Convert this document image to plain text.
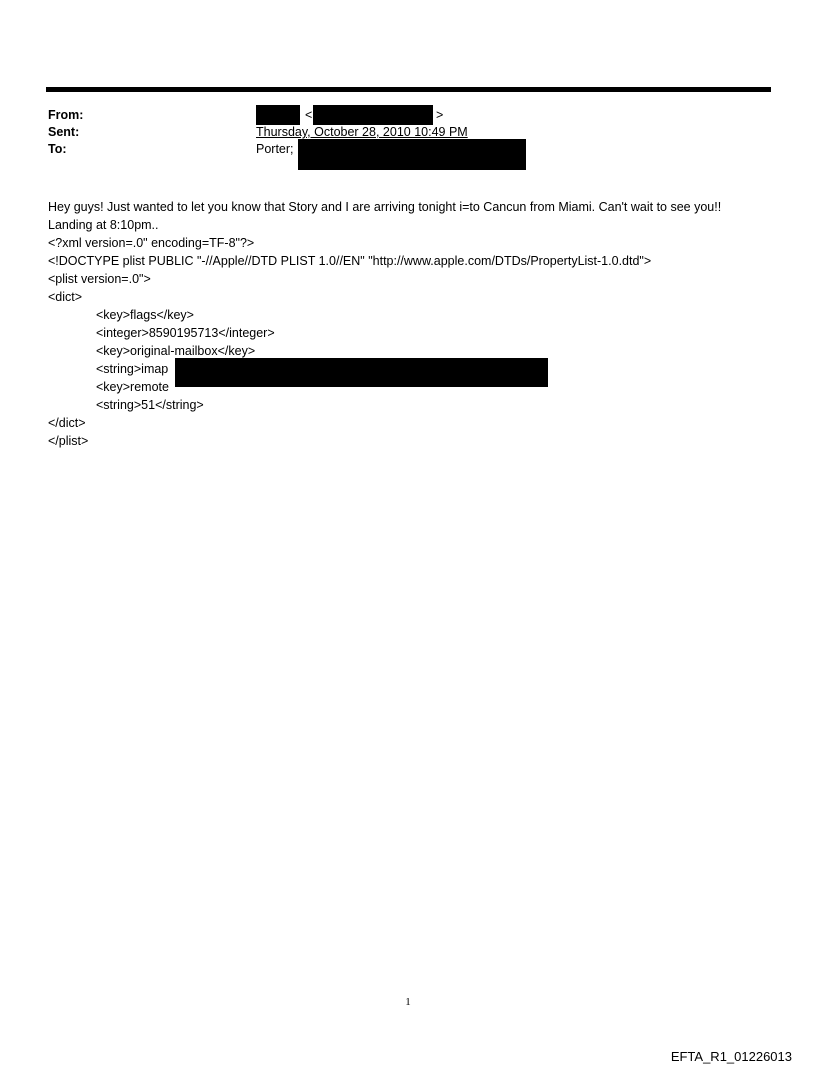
From:	<	>
Sent:	Thursday, October 28, 2010 10:49 PM
To:	Porter;

Hey guys! Just wanted to let you know that Story and I are arriving tonight i=to Cancun from Miami. Can't wait to see you!! Landing at 8:10pm..

<?xml version=.0" encoding=TF-8"?>
<!DOCTYPE plist PUBLIC "-//Apple//DTD PLIST 1.0//EN" "http://www.apple.com/DTDs/PropertyList-1.0.dtd">
<plist version=.0">
<dict>
<key>flags</key>
<integer>8590195713</integer>
<key>original-mailbox</key>
<string>imap
<key>remote
<string>51</string>
</dict>
</plist>
1
EFTA_R1_01226013
